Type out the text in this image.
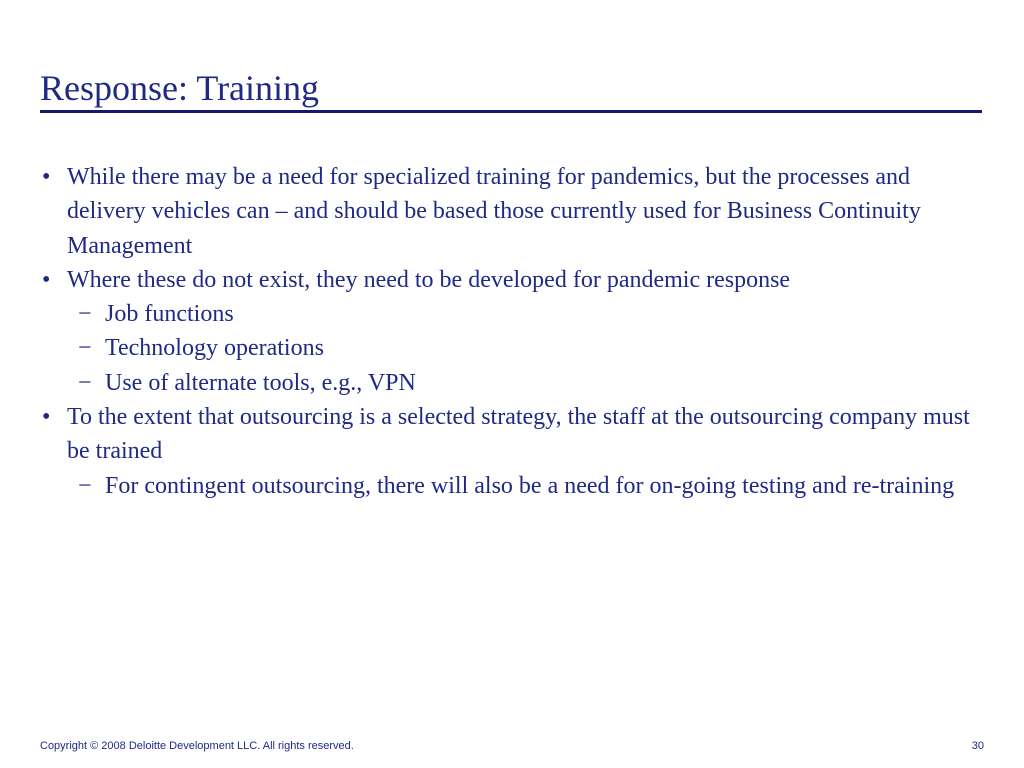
Response: Training
• While there may be a need for specialized training for pandemics, but the processes and delivery vehicles can – and should be based those currently used for Business Continuity Management
• Where these do not exist, they need to be developed for pandemic response
− Job functions
− Technology operations
− Use of alternate tools, e.g., VPN
• To the extent that outsourcing is a selected strategy, the staff at the outsourcing company must be trained
− For contingent outsourcing, there will also be a need for on-going testing and re-training
Copyright © 2008 Deloitte Development LLC. All rights reserved.	30
